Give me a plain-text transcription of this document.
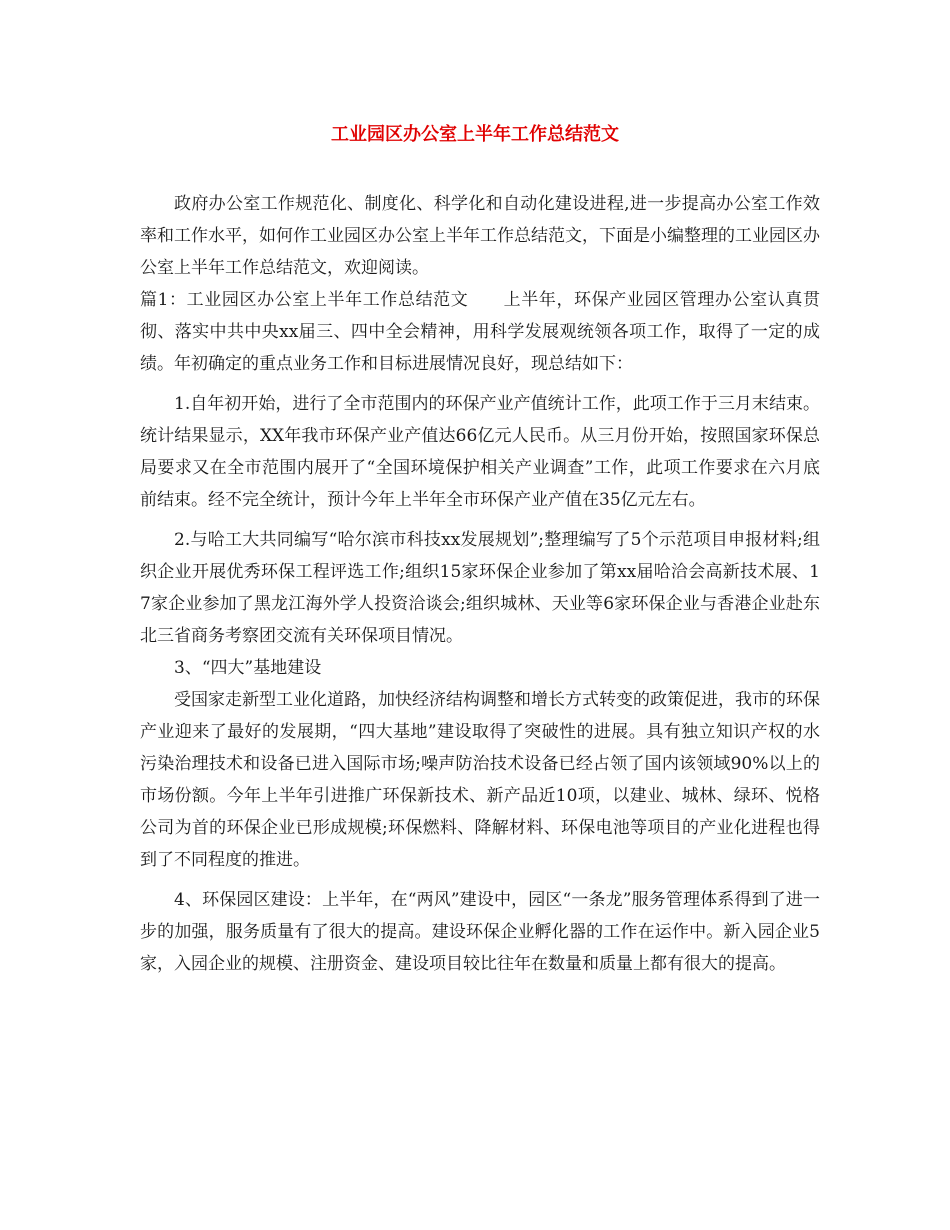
工业园区办公室上半年工作总结范文

政府办公室工作规范化、制度化、科学化和自动化建设进程,进一步提高办公室工作效率和工作水平，如何作工业园区办公室上半年工作总结范文，下面是小编整理的工业园区办公室上半年工作总结范文，欢迎阅读。

篇1：工业园区办公室上半年工作总结范文　　上半年，环保产业园区管理办公室认真贯彻、落实中共中央xx届三、四中全会精神，用科学发展观统领各项工作，取得了一定的成绩。年初确定的重点业务工作和目标进展情况良好，现总结如下：

1.自年初开始，进行了全市范围内的环保产业产值统计工作，此项工作于三月末结束。统计结果显示，XX年我市环保产业产值达66亿元人民币。从三月份开始，按照国家环保总局要求又在全市范围内展开了“全国环境保护相关产业调查”工作，此项工作要求在六月底前结束。经不完全统计，预计今年上半年全市环保产业产值在35亿元左右。

2.与哈工大共同编写“哈尔滨市科技xx发展规划”;整理编写了5个示范项目申报材料;组织企业开展优秀环保工程评选工作;组织15家环保企业参加了第xx届哈洽会高新技术展、17家企业参加了黑龙江海外学人投资洽谈会;组织城林、天业等6家环保企业与香港企业赴东北三省商务考察团交流有关环保项目情况。

3、“四大”基地建设

受国家走新型工业化道路，加快经济结构调整和增长方式转变的政策促进，我市的环保产业迎来了最好的发展期，“四大基地”建设取得了突破性的进展。具有独立知识产权的水污染治理技术和设备已进入国际市场;噪声防治技术设备已经占领了国内该领域90%以上的市场份额。今年上半年引进推广环保新技术、新产品近10项，以建业、城林、绿环、悦格公司为首的环保企业已形成规模;环保燃料、降解材料、环保电池等项目的产业化进程也得到了不同程度的推进。

4、环保园区建设：上半年，在“两风”建设中，园区“一条龙”服务管理体系得到了进一步的加强，服务质量有了很大的提高。建设环保企业孵化器的工作在运作中。新入园企业5家，入园企业的规模、注册资金、建设项目较比往年在数量和质量上都有很大的提高。
